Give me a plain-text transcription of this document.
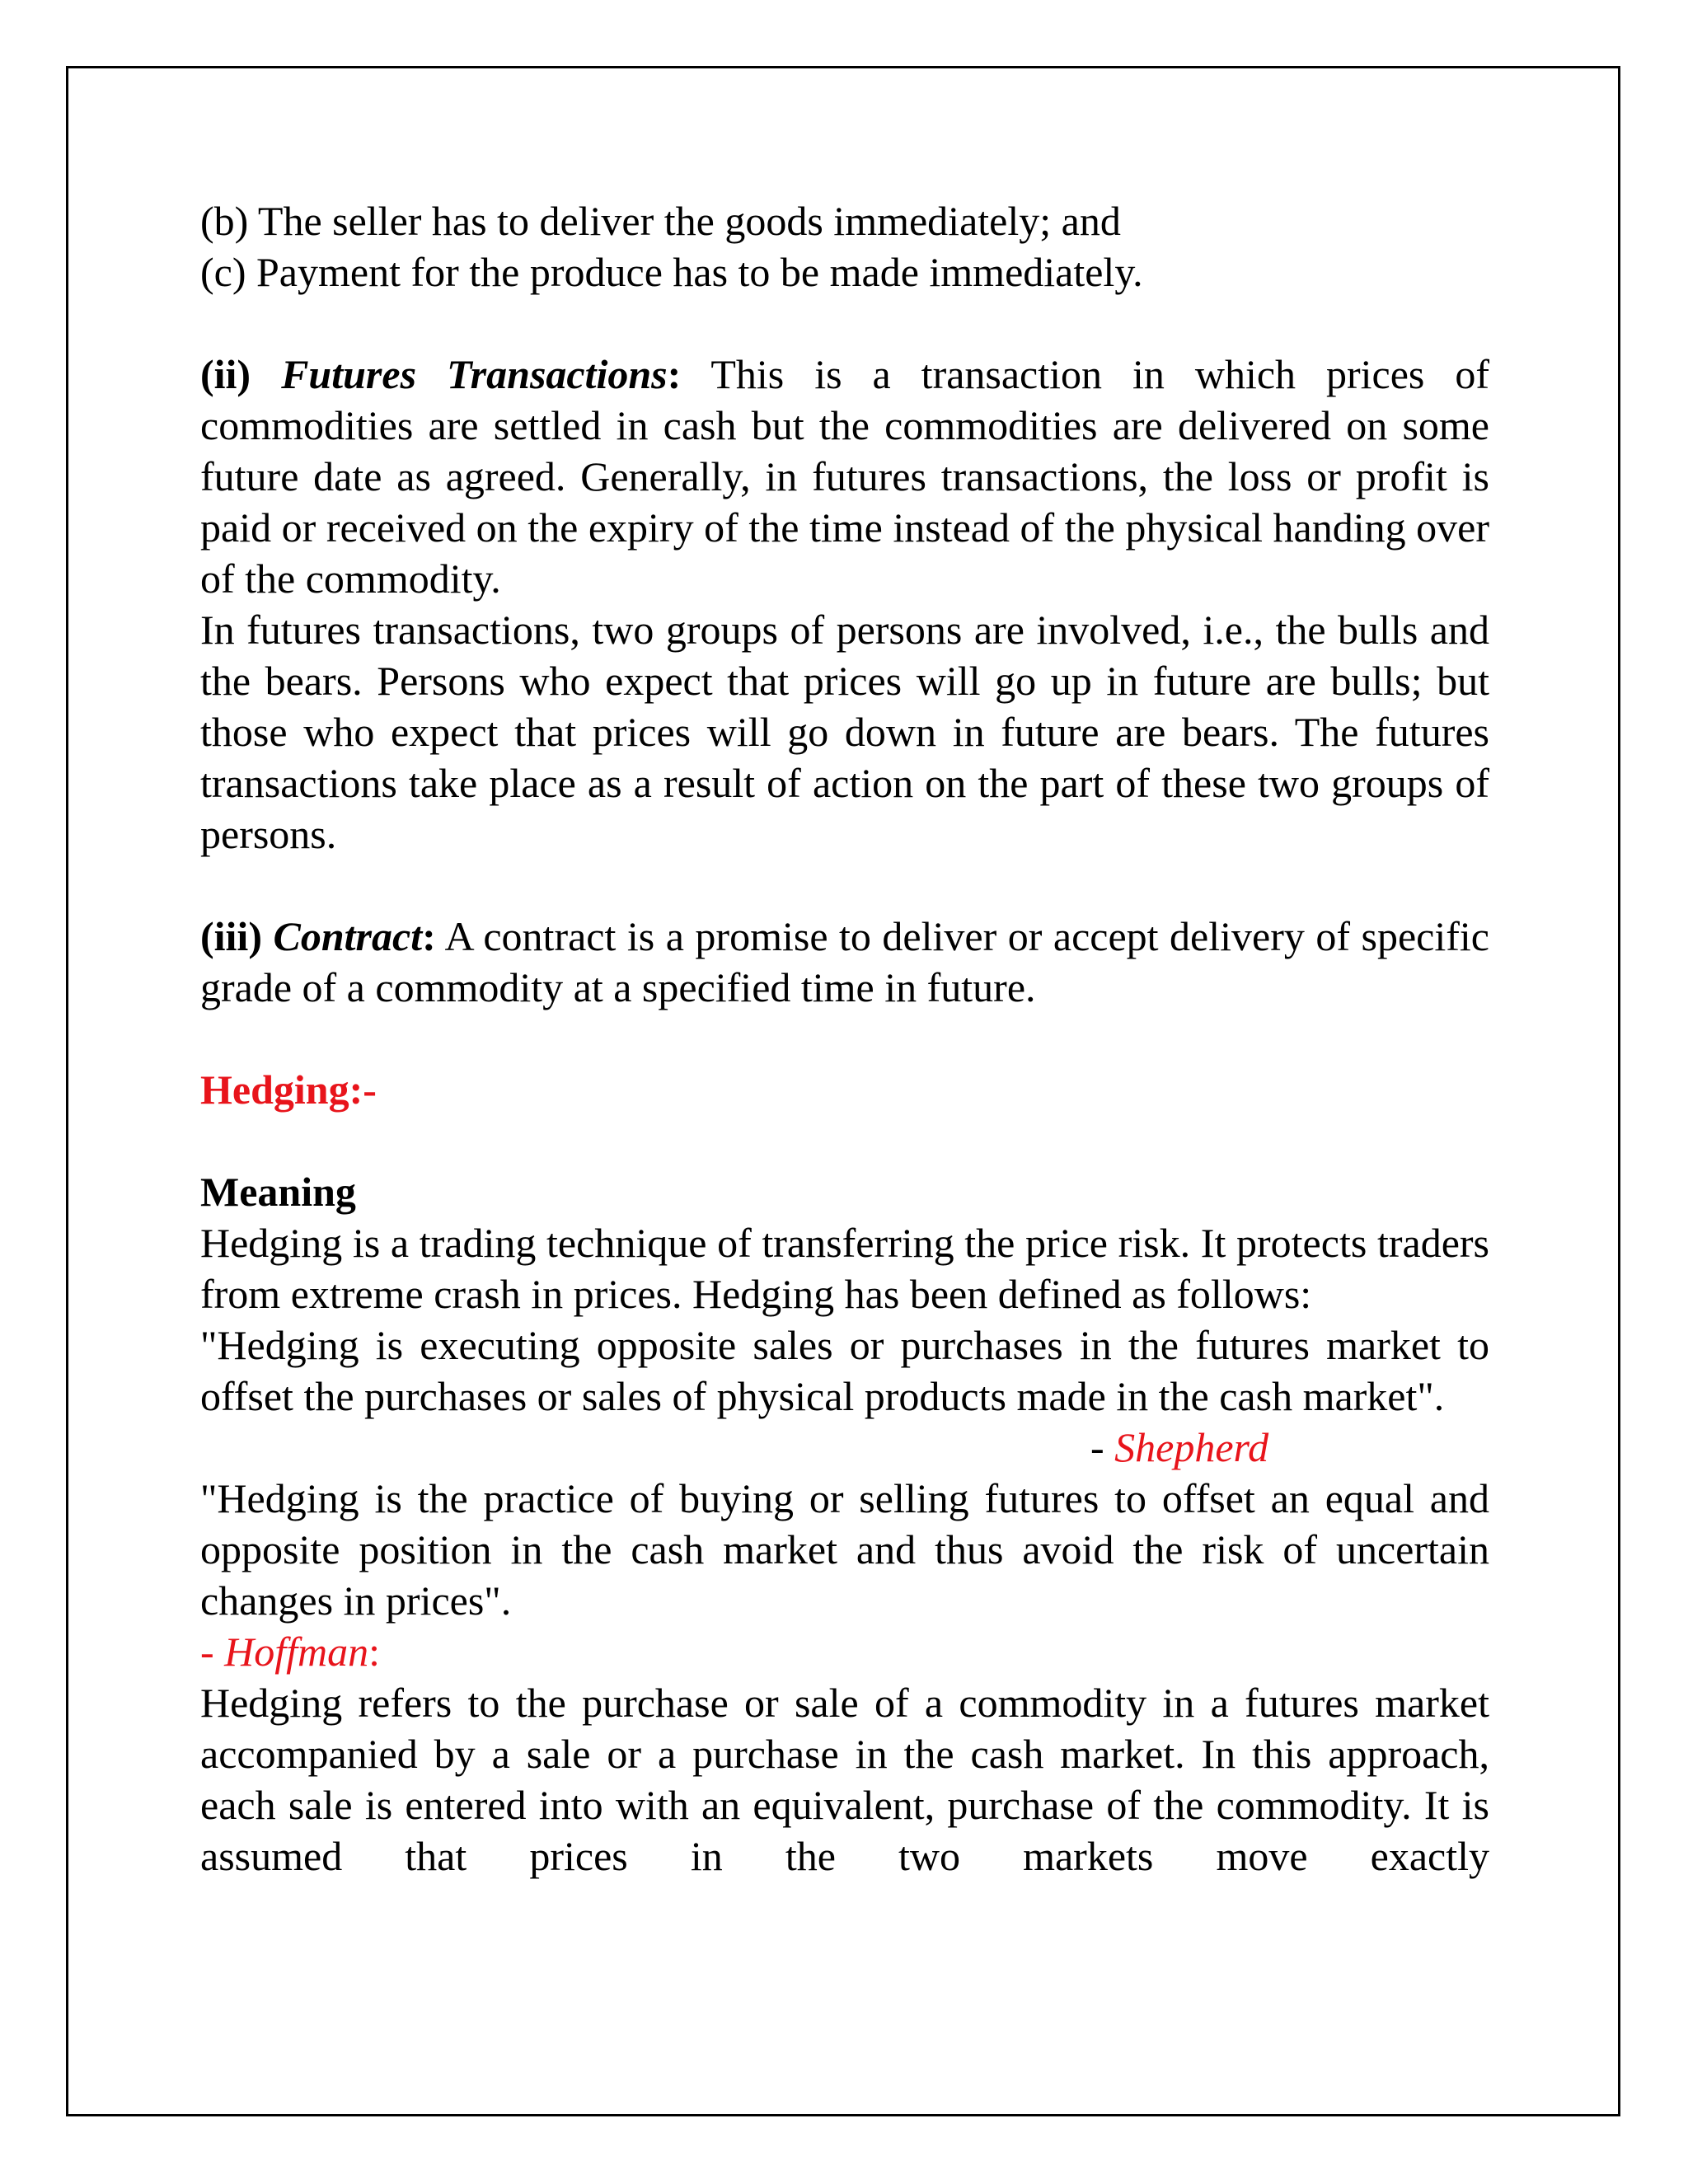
(b) The seller has to deliver the goods immediately; and

(c) Payment for the produce has to be made immediately.

(ii) Futures Transactions: This is a transaction in which prices of commodities are settled in cash but the commodities are delivered on some future date as agreed. Generally, in futures transactions, the loss or profit is paid or received on the expiry of the time instead of the physical handing over of the commodity.

In futures transactions, two groups of persons are involved, i.e., the bulls and the bears. Persons who expect that prices will go up in future are bulls; but those who expect that prices will go down in future are bears. The futures transactions take place as a result of action on the part of these two groups of persons.

(iii) Contract: A contract is a promise to deliver or accept delivery of specific grade of a commodity at a specified time in future.

Hedging:-

Meaning

Hedging is a trading technique of transferring the price risk. It protects traders from extreme crash in prices. Hedging has been defined as follows:

"Hedging is executing opposite sales or purchases in the futures market to offset the purchases or sales of physical products made in the cash market".

- Shepherd

"Hedging is the practice of buying or selling futures to offset an equal and opposite position in the cash market and thus avoid the risk of uncertain changes in prices".

- Hoffman:

Hedging refers to the purchase or sale of a commodity in a futures market accompanied by a sale or a purchase in the cash market. In this approach, each sale is entered into with an equivalent, purchase of the commodity. It is assumed that prices in the two markets move exactly
